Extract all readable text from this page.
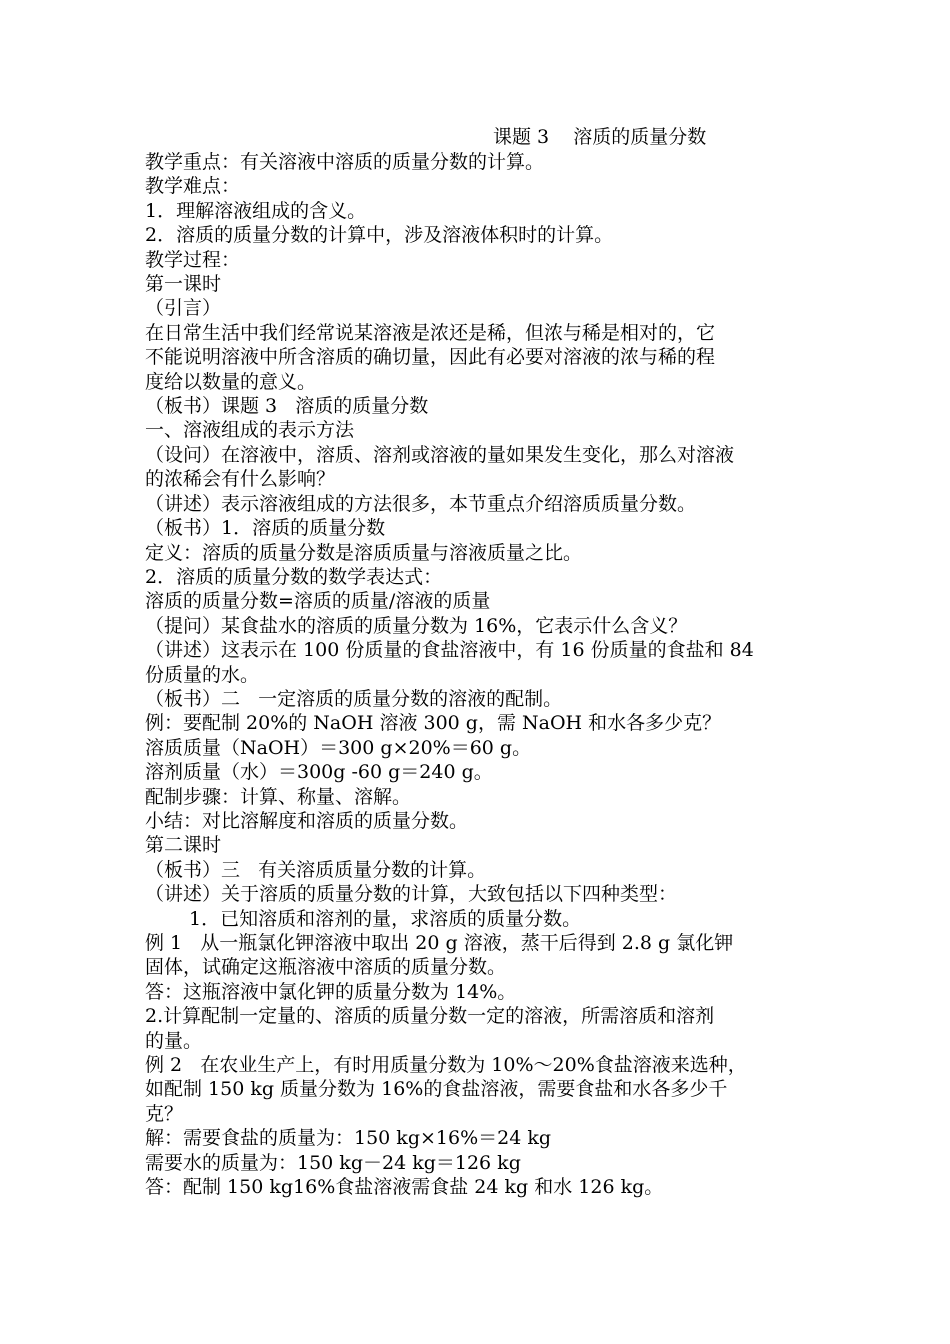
课题 3    溶质的质量分数
教学重点：有关溶液中溶质的质量分数的计算。
教学难点：
1．理解溶液组成的含义。
2．溶质的质量分数的计算中，涉及溶液体积时的计算。
教学过程：
第一课时
（引言）
在日常生活中我们经常说某溶液是浓还是稀，但浓与稀是相对的，它
不能说明溶液中所含溶质的确切量，因此有必要对溶液的浓与稀的程
度给以数量的意义。
（板书）课题 3   溶质的质量分数
一、溶液组成的表示方法
（设问）在溶液中，溶质、溶剂或溶液的量如果发生变化，那么对溶液
的浓稀会有什么影响？
（讲述）表示溶液组成的方法很多，本节重点介绍溶质质量分数。
（板书）1．溶质的质量分数
定义：溶质的质量分数是溶质质量与溶液质量之比。
2．溶质的质量分数的数学表达式：
溶质的质量分数=溶质的质量/溶液的质量
（提问）某食盐水的溶质的质量分数为 16%，它表示什么含义？
（讲述）这表示在 100 份质量的食盐溶液中，有 16 份质量的食盐和 84
份质量的水。
（板书）二   一定溶质的质量分数的溶液的配制。
例：要配制 20%的 NaOH 溶液 300 g，需 NaOH 和水各多少克？
溶质质量（NaOH）＝300 g×20%＝60 g。
溶剂质量（水）＝300g -60 g＝240 g。
配制步骤：计算、称量、溶解。
小结：对比溶解度和溶质的质量分数。
第二课时
（板书）三   有关溶质质量分数的计算。
（讲述）关于溶质的质量分数的计算，大致包括以下四种类型：
1．已知溶质和溶剂的量，求溶质的质量分数。
例 1   从一瓶氯化钾溶液中取出 20 g 溶液，蒸干后得到 2.8 g 氯化钾
固体，试确定这瓶溶液中溶质的质量分数。
答：这瓶溶液中氯化钾的质量分数为 14%。
2.计算配制一定量的、溶质的质量分数一定的溶液，所需溶质和溶剂
的量。
例 2   在农业生产上，有时用质量分数为 10%～20%食盐溶液来选种，
如配制 150 kg 质量分数为 16%的食盐溶液，需要食盐和水各多少千
克？
解：需要食盐的质量为：150 kg×16%＝24 kg
需要水的质量为：150 kg－24 kg＝126 kg
答：配制 150 kg16%食盐溶液需食盐 24 kg 和水 126 kg。
